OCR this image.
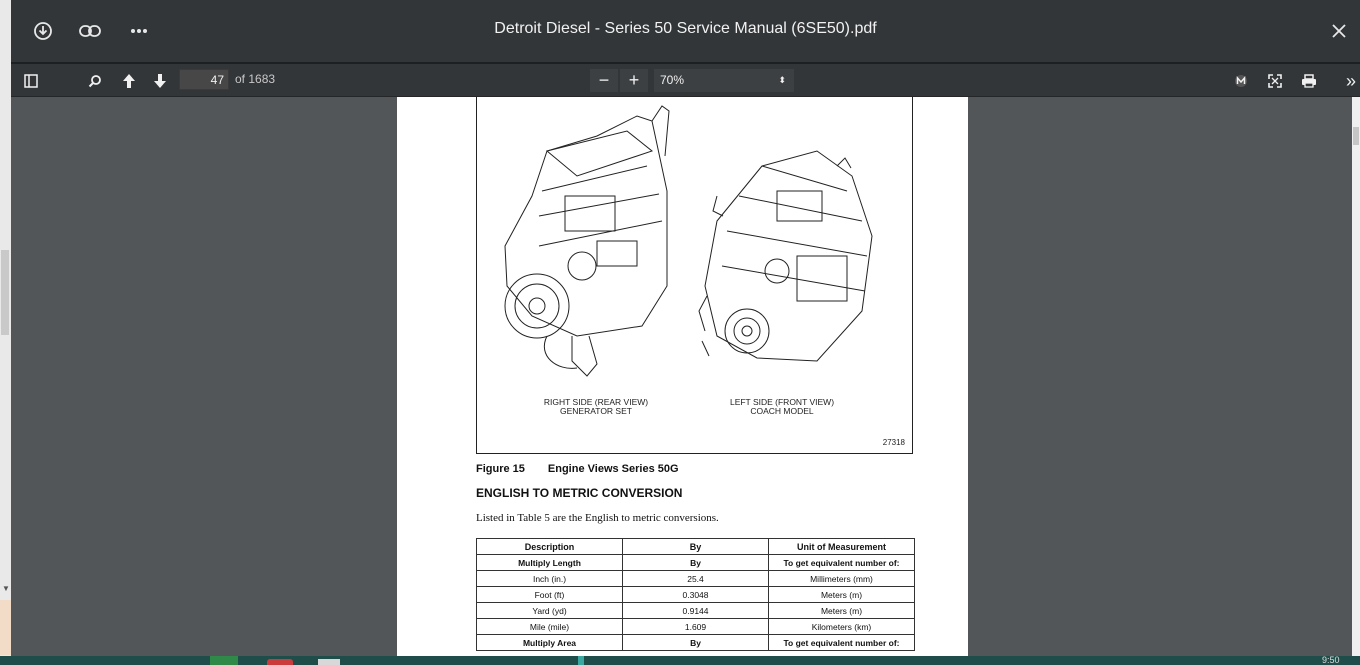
▼
Detroit Diesel - Series 50 Service Manual (6SE50).pdf
47 of 1683	−	+	70%	⬍	»
RIGHT SIDE (REAR VIEW)
GENERATOR SET
LEFT SIDE (FRONT VIEW)
COACH MODEL
27318
Figure 15 Engine Views Series 50G
ENGLISH TO METRIC CONVERSION
Listed in Table 5 are the English to metric conversions.
Description	By	Unit of Measurement
Multiply Length	By	To get equivalent number of:
Inch (in.)	25.4	Millimeters (mm)
Foot (ft)	0.3048	Meters (m)
Yard (yd)	0.9144	Meters (m)
Mile (mile)	1.609	Kilometers (km)
Multiply Area	By	To get equivalent number of:
9:50
